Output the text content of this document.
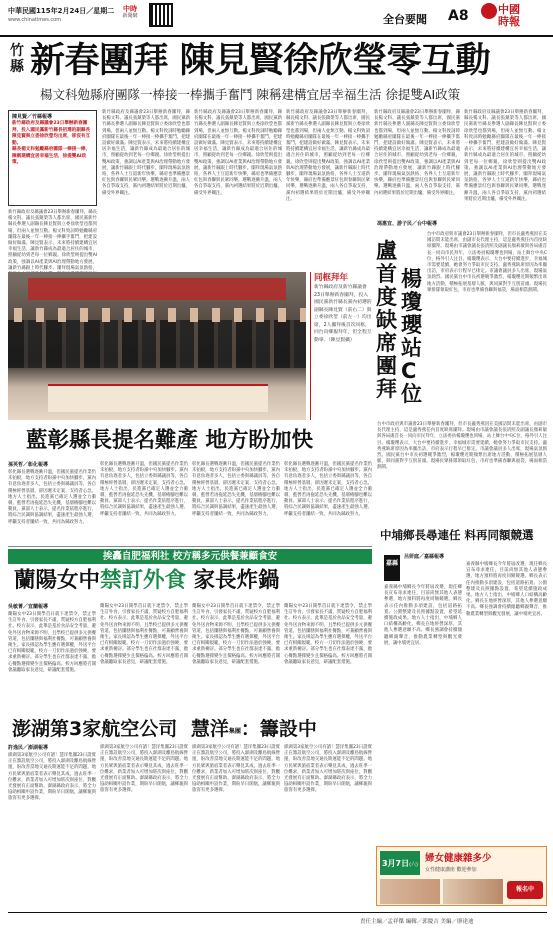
中華民國115年2月24日／星期二
www.chinatimes.com
中時
新聞網	全台要聞 A8	中國時報
竹
縣 新春團拜 陳見賢徐欣瑩零互動
楊文科勉縣府團隊一棒接一棒攜手奮鬥 陳稱建構宜居幸福生活 徐提雙AI政策
陳見賢／竹縣報導
新竹縣政府及縣議會23日舉辦新春團拜，投入國民黨新竹縣長初選的副縣長陳見賢與立委徐欣瑩均出席，卻沒有互動。
縣長楊文科勉勵縣府團隊一棒接一棒，陳稱建構宜居幸福生活，徐提雙AI政策。
新竹縣政府及縣議會23日舉辦新春團拜，縣長楊文科、議長張鎮榮等人都出席，國民黨新竹縣長參選人副縣長陳見賢與立委徐欣瑩也都到場，但兩人並無互動。楊文科致詞時勉勵縣府團隊在最後一年一棒接一棒攜手奮鬥，把建設做好做滿。陳見賢表示，未來將持續建構宜居幸福生活，讓新竹縣成為最適合居住的城市，照顧從幼到老每一位鄉親。徐欣瑩則提出雙AI政策，強調以AI產業與AI治理帶動地方發展，讓新竹縣跟上時代腳步。團拜現場氣氛熱絡，
新竹縣政府及縣議會23日舉辦新春團拜，縣長楊文科、議長張鎮榮等人都出席，國民黨新竹縣長參選人副縣長陳見賢與立委徐欣瑩也都到場，但兩人並無互動。楊文科致詞時勉勵縣府團隊在最後一年一棒接一棒攜手奮鬥，把建設做好做滿。陳見賢表示，未來將持續建構宜居幸福生活，讓新竹縣成為最適合居住的城市，照顧從幼到老每一位鄉親。徐欣瑩則提出雙AI政策，強調以AI產業與AI治理帶動地方發展，讓新竹縣跟上時代腳步。團拜現場氣氛熱絡，各界人士互道新年快樂，縣府也準備應景紅包與春聯與民眾同樂。選戰逐漸升溫，兩人各自爭取支持，黨內初選結果將於近期出爐，備受外界關注。
新竹縣政府及縣議會23日舉辦新春團拜，縣長楊文科、議長張鎮榮等人都出席，國民黨新竹縣長參選人副縣長陳見賢與立委徐欣瑩也都到場，但兩人並無互動。楊文科致詞時勉勵縣府團隊在最後一年一棒接一棒攜手奮鬥，把建設做好做滿。陳見賢表示，未來將持續建構宜居幸福生活，讓新竹縣成為最適合居住的城市，照顧從幼到老每一位鄉親。徐欣瑩則提出雙AI政策，強調以AI產業與AI治理帶動地方發展，讓新竹縣跟上時代腳步。團拜現場氣氛熱絡，各界人士互道新年快樂，縣府也準備應景紅包與春聯與民眾同樂。選戰逐漸升溫，兩人各自爭取支持，黨內初選結果將於近期出爐，備受外界關注。
新竹縣政府及縣議會23日舉辦新春團拜，縣長楊文科、議長張鎮榮等人都出席，國民黨新竹縣長參選人副縣長陳見賢與立委徐欣瑩也都到場，但兩人並無互動。楊文科致詞時勉勵縣府團隊在最後一年一棒接一棒攜手奮鬥，把建設做好做滿。陳見賢表示，未來將持續建構宜居幸福生活，讓新竹縣成為最適合居住的城市，照顧從幼到老每一位鄉親。徐欣瑩則提出雙AI政策，強調以AI產業與AI治理帶動地方發展，讓新竹縣跟上時代腳步。團拜現場氣氛熱絡，各界人士互道新年快樂，縣府也準備應景紅包與春聯與民眾同樂。選戰逐漸升溫，兩人各自爭取支持，黨內初選結果將於近期出爐，備受外界關注。
新竹縣政府及縣議會23日舉辦新春團拜，縣長楊文科、議長張鎮榮等人都出席，國民黨新竹縣長參選人副縣長陳見賢與立委徐欣瑩也都到場，但兩人並無互動。楊文科致詞時勉勵縣府團隊在最後一年一棒接一棒攜手奮鬥，把建設做好做滿。陳見賢表示，未來將持續建構宜居幸福生活，讓新竹縣成為最適合居住的城市，照顧從幼到老每一位鄉親。徐欣瑩則提出雙AI政策，強調以AI產業與AI治理帶動地方發展，讓新竹縣跟上時代腳步。團拜現場氣氛熱絡，各界人士互道新年快樂，縣府也準備應景紅包與春聯與民眾同樂。選戰逐漸升溫，兩人各自爭取支持，黨內初選結果將於近期出爐，備受外界關注。
新竹縣政府及縣議會23日舉辦新春團拜，縣長楊文科、議長張鎮榮等人都出席，國民黨新竹縣長參選人副縣長陳見賢與立委徐欣瑩也都到場，但兩人並無互動。楊文科致詞時勉勵縣府團隊在最後一年一棒接一棒攜手奮鬥，把建設做好做滿。陳見賢表示，未來將持續建構宜居幸福生活，讓新竹縣成為最適合居住的城市，照顧從幼到老每一位鄉親。徐欣瑩則提出雙AI政策，強調以AI產業與AI治理帶動地方發展，讓新竹縣跟上時代腳步。團拜現場氣氛熱絡，各界人士互道新年快樂，縣府也準備應景紅包與春聯與民眾同樂。選戰逐漸升溫，兩人各自爭取支持，黨內初選結果將於近期出爐，備受外界關注。
同框拜年
新竹縣政府及新竹縣議會23日舉辦新春團拜，投入國民黨新竹縣長黨內初選的副縣長陳見賢（前右二）與立委徐欣瑩（前左一）均出席，2人團拜後首次同框，同台向鄉親拜年，但全程互動零。（陳見賢攝）
馮惠宜、游子民／台中報導
盧首度缺席團拜
楊瓊瓔站C位
台中市政府與市議會23日舉辦新春團拜，但市長盧秀燕因在美國訪問未能出席，由副市長代理主持，這是盧秀燕任內首度缺席團拜。現場由市議會議長張清照及副議長顏莉敏與各局處首長一同向市民拜年，立法委員楊瓊瓔也到場，站上舞台中央C位，格外引人注目。楊瓊瓔表示，大台中要持續進步，幸福城市需要延續，她會努力爭取市民支持。盧秀燕缺席原因為率團出訪，市府表示行程早已排定。市議會議員多人出席，現場氣氛熱烈。國民黨台中市長初選競爭激烈，楊瓊瓔近期頻繁出席地方活動，積極拓展基層人脈，與同黨對手互別苗頭。現場民眾排隊領取紅包，市府也準備春聯與福袋，場面相當熱鬧。
台中市政府與市議會23日舉辦新春團拜，但市長盧秀燕因在美國訪問未能出席，由副市長代理主持，這是盧秀燕任內首度缺席團拜。現場由市議會議長張清照及副議長顏莉敏與各局處首長一同向市民拜年，立法委員楊瓊瓔也到場，站上舞台中央C位，格外引人注目。楊瓊瓔表示，大台中要持續進步，幸福城市需要延續，她會努力爭取市民支持。盧秀燕缺席原因為率團出訪，市府表示行程早已排定。市議會議員多人出席，現場氣氛熱烈。國民黨台中市長初選競爭激烈，楊瓊瓔近期頻繁出席地方活動，積極拓展基層人脈，與同黨對手互別苗頭。現場民眾排隊領取紅包，市府也準備春聯與福袋，場面相當熱鬧。
藍彰縣長提名難產 地方盼加快
孫英哲／彰化報導
彰化縣長選戰逐漸升溫，但國民黨提名作業仍未拍板，地方支持者盼黨中央加快腳步。黨內有意角逐者多人，包括立委與縣議員等，各自積極經營基層，卻因遲未定案，支持者心急。地方人士指出，民進黨已確定人選並全力衝刺，藍營若再拖延恐失先機，基層樁腳也難以動員。黨部人士表示，提名作業依程序進行，將綜合民調與協調結果，盡速產生最強人選，呼籲支持者團結一致，共同為縣政努力。
彰化縣長選戰逐漸升溫，但國民黨提名作業仍未拍板，地方支持者盼黨中央加快腳步。黨內有意角逐者多人，包括立委與縣議員等，各自積極經營基層，卻因遲未定案，支持者心急。地方人士指出，民進黨已確定人選並全力衝刺，藍營若再拖延恐失先機，基層樁腳也難以動員。黨部人士表示，提名作業依程序進行，將綜合民調與協調結果，盡速產生最強人選，呼籲支持者團結一致，共同為縣政努力。
彰化縣長選戰逐漸升溫，但國民黨提名作業仍未拍板，地方支持者盼黨中央加快腳步。黨內有意角逐者多人，包括立委與縣議員等，各自積極經營基層，卻因遲未定案，支持者心急。地方人士指出，民進黨已確定人選並全力衝刺，藍營若再拖延恐失先機，基層樁腳也難以動員。黨部人士表示，提名作業依程序進行，將綜合民調與協調結果，盡速產生最強人選，呼籲支持者團結一致，共同為縣政努力。
彰化縣長選戰逐漸升溫，但國民黨提名作業仍未拍板，地方支持者盼黨中央加快腳步。黨內有意角逐者多人，包括立委與縣議員等，各自積極經營基層，卻因遲未定案，支持者心急。地方人士指出，民進黨已確定人選並全力衝刺，藍營若再拖延恐失先機，基層樁腳也難以動員。黨部人士表示，提名作業依程序進行，將綜合民調與協調結果，盡速產生最強人選，呼籲支持者團結一致，共同為縣政努力。
中埔鄉長尋連任 料再同額競選
嘉縣
呂妍庭／嘉縣報導
嘉義縣中埔鄉長今年將屆改選，現任鄉長宣布尋求連任，目前尚無其他人表態參選，地方預料將再度同額競選。鄉長表示任內推動多項建設，包括道路拓寬、公園整建及長照據點設置，希望延續施政成果。地方人士指出，中埔鄉人口結構高齡化，鄉長在地經營深厚，其他人參選意願不高。鄉長強調會持續傾聽鄉親聲音，推動農業轉型與觀光發展，讓中埔更宜居。
嘉義縣中埔鄉長今年將屆改選，現任鄉長宣布尋求連任，目前尚無其他人表態參選，地方預料將再度同額競選。鄉長表示任內推動多項建設，包括道路拓寬、公園整建及長照據點設置，希望延續施政成果。地方人士指出，中埔鄉人口結構高齡化，鄉長在地經營深厚，其他人參選意願不高。鄉長強調會持續傾聽鄉親聲音，推動農業轉型與觀光發展，讓中埔更宜居。
挨轟自肥福利社 校方稱多元供餐兼顧食安
蘭陽女中禁訂外食 家長炸鍋
吳敏菁／宜蘭報導
蘭陽女中23日開學首日就下達禁令，禁止學生訂外食，引發家長不滿，質疑校方自肥福利社。校方表示，此舉是基於食品安全考量，避免外送食物來源不明，且學校已提供多元供餐管道，包括團膳與福利社餐點，可兼顧營養與衛生。家長則認為學生應有選擇權，外送平台已有相關規範，校方一刀切作法過於強硬，要求重新檢討。部分學生也在社群表達不滿，擔心餐點選擇變少且價格偏高。校方回應將召開會議聽取家長意見，研議配套措施。
蘭陽女中23日開學首日就下達禁令，禁止學生訂外食，引發家長不滿，質疑校方自肥福利社。校方表示，此舉是基於食品安全考量，避免外送食物來源不明，且學校已提供多元供餐管道，包括團膳與福利社餐點，可兼顧營養與衛生。家長則認為學生應有選擇權，外送平台已有相關規範，校方一刀切作法過於強硬，要求重新檢討。部分學生也在社群表達不滿，擔心餐點選擇變少且價格偏高。校方回應將召開會議聽取家長意見，研議配套措施。
蘭陽女中23日開學首日就下達禁令，禁止學生訂外食，引發家長不滿，質疑校方自肥福利社。校方表示，此舉是基於食品安全考量，避免外送食物來源不明，且學校已提供多元供餐管道，包括團膳與福利社餐點，可兼顧營養與衛生。家長則認為學生應有選擇權，外送平台已有相關規範，校方一刀切作法過於強硬，要求重新檢討。部分學生也在社群表達不滿，擔心餐點選擇變少且價格偏高。校方回應將召開會議聽取家長意見，研議配套措施。
蘭陽女中23日開學首日就下達禁令，禁止學生訂外食，引發家長不滿，質疑校方自肥福利社。校方表示，此舉是基於食品安全考量，避免外送食物來源不明，且學校已提供多元供餐管道，包括團膳與福利社餐點，可兼顧營養與衛生。家長則認為學生應有選擇權，外送平台已有相關規範，校方一刀切作法過於強硬，要求重新檢討。部分學生也在社群表達不滿，擔心餐點選擇變少且價格偏高。校方回應將召開會議聽取家長意見，研議配套措施。
澎湖第3家航空公司 慧洋集團：籌設中
許逸民／澎湖報導
澎湖第3家航空公司有譜！慧洋集團23日證實正在籌設航空公司，將投入澎湖及離島航線營運，盼改善當地交通長期運能不足的問題。地方民眾與旅宿業者表示樂見其成，過去旺季一位難求，新業者加入可增加班次與座位，對觀光發展有正面幫助。澎湖縣政府表示，將全力協助相關申設作業，期盼早日開航，讓鄉親與旅客有更多選擇。
澎湖第3家航空公司有譜！慧洋集團23日證實正在籌設航空公司，將投入澎湖及離島航線營運，盼改善當地交通長期運能不足的問題。地方民眾與旅宿業者表示樂見其成，過去旺季一位難求，新業者加入可增加班次與座位，對觀光發展有正面幫助。澎湖縣政府表示，將全力協助相關申設作業，期盼早日開航，讓鄉親與旅客有更多選擇。
澎湖第3家航空公司有譜！慧洋集團23日證實正在籌設航空公司，將投入澎湖及離島航線營運，盼改善當地交通長期運能不足的問題。地方民眾與旅宿業者表示樂見其成，過去旺季一位難求，新業者加入可增加班次與座位，對觀光發展有正面幫助。澎湖縣政府表示，將全力協助相關申設作業，期盼早日開航，讓鄉親與旅客有更多選擇。
澎湖第3家航空公司有譜！慧洋集團23日證實正在籌設航空公司，將投入澎湖及離島航線營運，盼改善當地交通長期運能不足的問題。地方民眾與旅宿業者表示樂見其成，過去旺季一位難求，新業者加入可增加班次與座位，對觀光發展有正面幫助。澎湖縣政府表示，將全力協助相關申設作業，期盼早日開航，讓鄉親與旅客有更多選擇。
3月7日(六)
婦女健康雜多少
女性健康講座 歡迎參加
報名中
責任主編／孟祥傑 編輯／郭慶吉 美編／廖達迪
